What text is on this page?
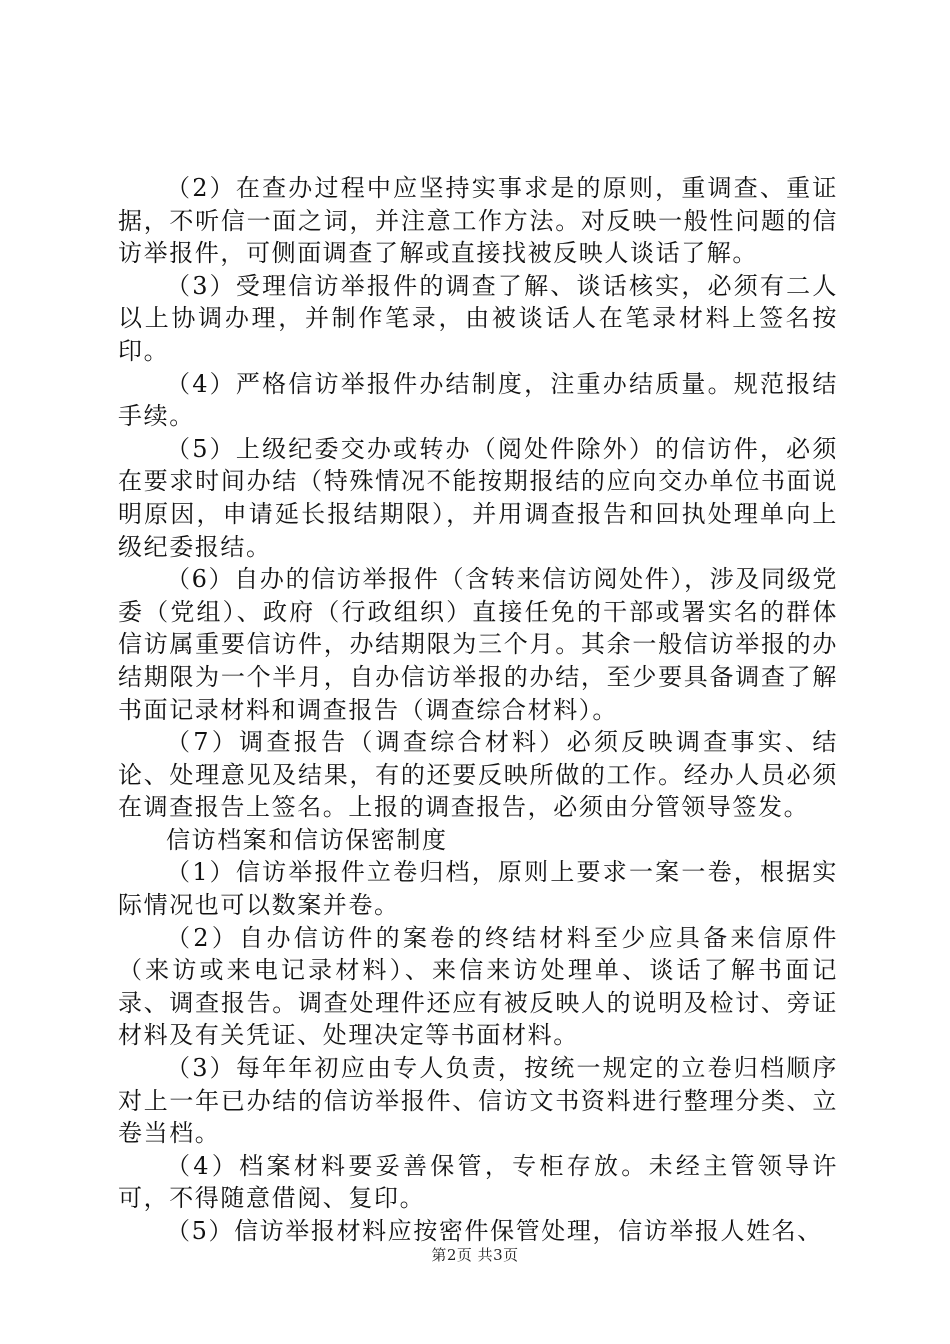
（2）在查办过程中应坚持实事求是的原则，重调查、重证据，不听信一面之词，并注意工作方法。对反映一般性问题的信访举报件，可侧面调查了解或直接找被反映人谈话了解。

（3）受理信访举报件的调查了解、谈话核实，必须有二人以上协调办理，并制作笔录，由被谈话人在笔录材料上签名按印。

（4）严格信访举报件办结制度，注重办结质量。规范报结手续。

（5）上级纪委交办或转办（阅处件除外）的信访件，必须在要求时间办结（特殊情况不能按期报结的应向交办单位书面说明原因，申请延长报结期限），并用调查报告和回执处理单向上级纪委报结。

（6）自办的信访举报件（含转来信访阅处件），涉及同级党委（党组）、政府（行政组织）直接任免的干部或署实名的群体信访属重要信访件，办结期限为三个月。其余一般信访举报的办结期限为一个半月，自办信访举报的办结，至少要具备调查了解书面记录材料和调查报告（调查综合材料）。

（7）调查报告（调查综合材料）必须反映调查事实、结论、处理意见及结果，有的还要反映所做的工作。经办人员必须在调查报告上签名。上报的调查报告，必须由分管领导签发。

信访档案和信访保密制度

（1）信访举报件立卷归档，原则上要求一案一卷，根据实际情况也可以数案并卷。

（2）自办信访件的案卷的终结材料至少应具备来信原件（来访或来电记录材料）、来信来访处理单、谈话了解书面记录、调查报告。调查处理件还应有被反映人的说明及检讨、旁证材料及有关凭证、处理决定等书面材料。

（3）每年年初应由专人负责，按统一规定的立卷归档顺序对上一年已办结的信访举报件、信访文书资料进行整理分类、立卷当档。

（4）档案材料要妥善保管，专柜存放。未经主管领导许可，不得随意借阅、复印。

（5）信访举报材料应按密件保管处理，信访举报人姓名、

第2页 共3页
